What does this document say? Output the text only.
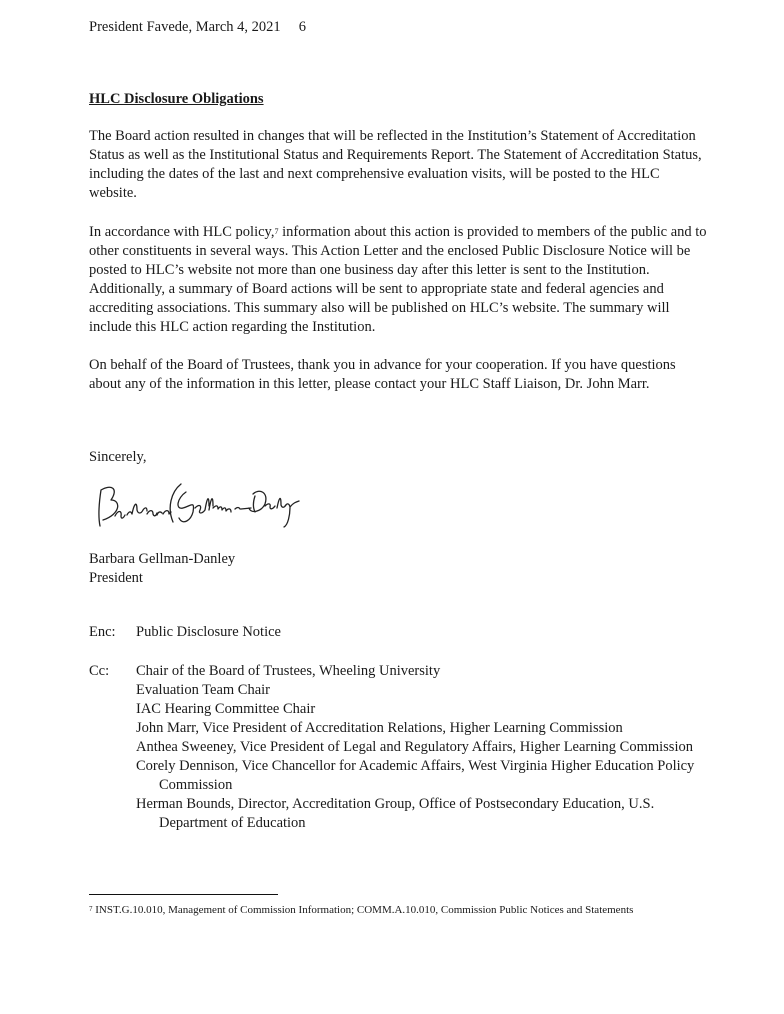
President Favede, March 4, 2021 6
HLC Disclosure Obligations
The Board action resulted in changes that will be reflected in the Institution’s Statement of Accreditation Status as well as the Institutional Status and Requirements Report. The Statement of Accreditation Status, including the dates of the last and next comprehensive evaluation visits, will be posted to the HLC website.
In accordance with HLC policy,$^7$ information about this action is provided to members of the public and to other constituents in several ways. This Action Letter and the enclosed Public Disclosure Notice will be posted to HLC’s website not more than one business day after this letter is sent to the Institution. Additionally, a summary of Board actions will be sent to appropriate state and federal agencies and accrediting associations. This summary also will be published on HLC’s website. The summary will include this HLC action regarding the Institution.
On behalf of the Board of Trustees, thank you in advance for your cooperation. If you have questions about any of the information in this letter, please contact your HLC Staff Liaison, Dr. John Marr.
Sincerely,
Barbara Gellman-Danley
President
Enc: Public Disclosure Notice
Cc:	Chair of the Board of Trustees, Wheeling University
Evaluation Team Chair
IAC Hearing Committee Chair
John Marr, Vice President of Accreditation Relations, Higher Learning Commission
Anthea Sweeney, Vice President of Legal and Regulatory Affairs, Higher Learning Commission
Corely Dennison, Vice Chancellor for Academic Affairs, West Virginia Higher Education Policy Commission
Herman Bounds, Director, Accreditation Group, Office of Postsecondary Education, U.S. Department of Education
$^7$ INST.G.10.010, Management of Commission Information; COMM.A.10.010, Commission Public Notices and Statements
